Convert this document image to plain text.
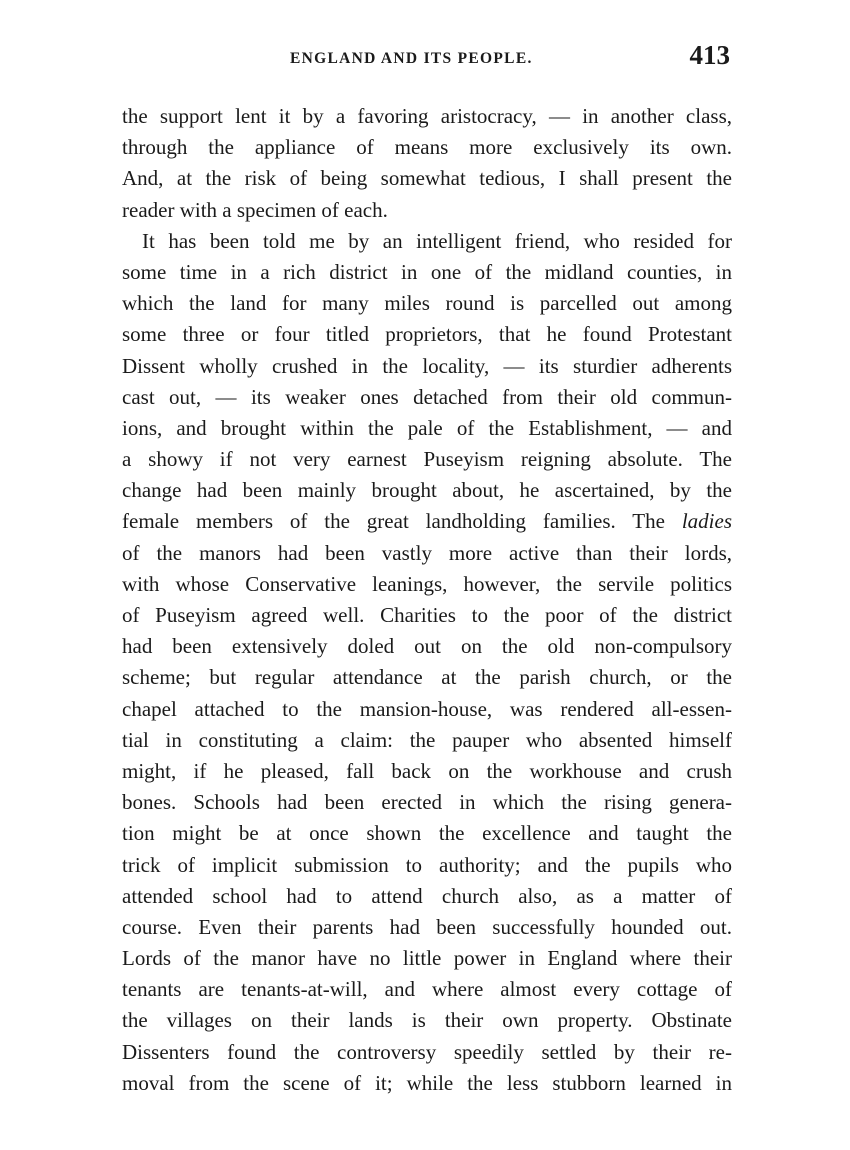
ENGLAND AND ITS PEOPLE.	413
the support lent it by a favoring aristocracy, — in another class,
through the appliance of means more exclusively its own.
And, at the risk of being somewhat tedious, I shall present the
reader with a specimen of each.
It has been told me by an intelligent friend, who resided for
some time in a rich district in one of the midland counties, in
which the land for many miles round is parcelled out among
some three or four titled proprietors, that he found Protestant
Dissent wholly crushed in the locality, — its sturdier adherents
cast out, — its weaker ones detached from their old commun-
ions, and brought within the pale of the Establishment, — and
a showy if not very earnest Puseyism reigning absolute. The
change had been mainly brought about, he ascertained, by the
female members of the great landholding families. The ladies
of the manors had been vastly more active than their lords,
with whose Conservative leanings, however, the servile politics
of Puseyism agreed well. Charities to the poor of the district
had been extensively doled out on the old non-compulsory
scheme; but regular attendance at the parish church, or the
chapel attached to the mansion-house, was rendered all-essen-
tial in constituting a claim: the pauper who absented himself
might, if he pleased, fall back on the workhouse and crush
bones. Schools had been erected in which the rising genera-
tion might be at once shown the excellence and taught the
trick of implicit submission to authority; and the pupils who
attended school had to attend church also, as a matter of
course. Even their parents had been successfully hounded out.
Lords of the manor have no little power in England where their
tenants are tenants-at-will, and where almost every cottage of
the villages on their lands is their own property. Obstinate
Dissenters found the controversy speedily settled by their re-
moval from the scene of it; while the less stubborn learned in
